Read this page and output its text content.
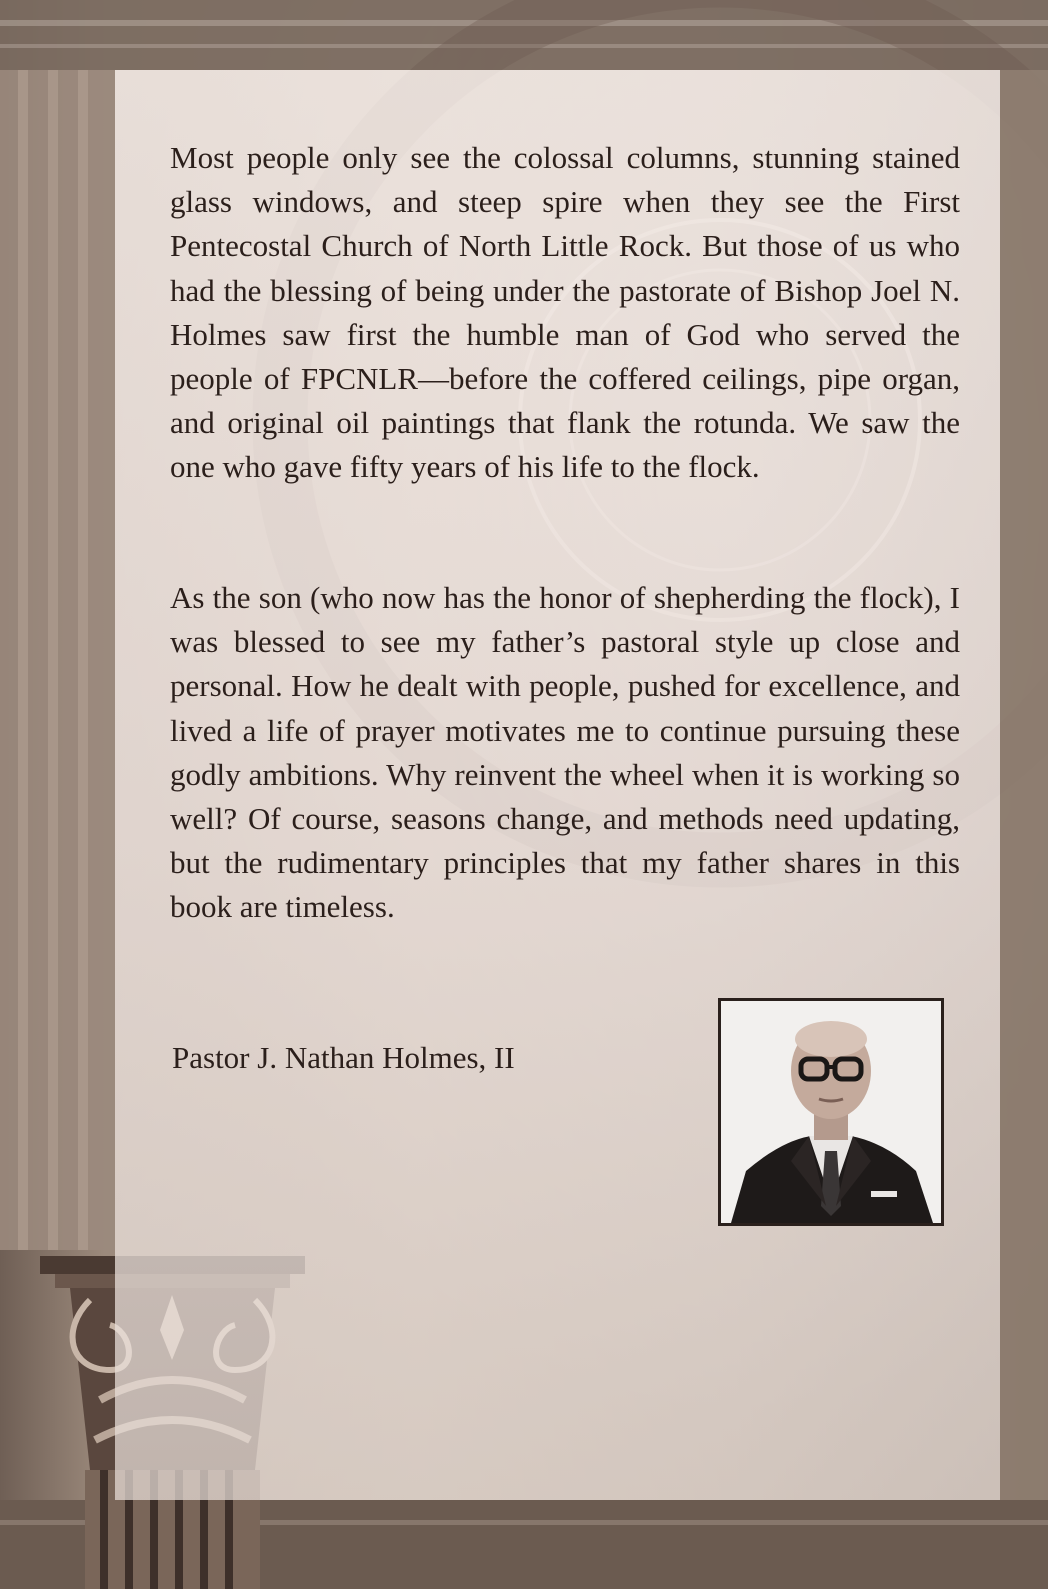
Most people only see the colossal columns, stunning stained glass windows, and steep spire when they see the First Pentecostal Church of North Little Rock. But those of us who had the blessing of being under the pastorate of Bishop Joel N. Holmes saw first the humble man of God who served the people of FPCNLR—before the coffered ceilings, pipe organ, and original oil paintings that flank the rotunda. We saw the one who gave fifty years of his life to the flock.

As the son (who now has the honor of shepherding the flock), I was blessed to see my father’s pastoral style up close and personal. How he dealt with people, pushed for excellence, and lived a life of prayer motivates me to continue pursuing these godly ambitions. Why reinvent the wheel when it is working so well? Of course, seasons change, and methods need updating, but the rudimentary principles that my father shares in this book are timeless.

Pastor J. Nathan Holmes, II
